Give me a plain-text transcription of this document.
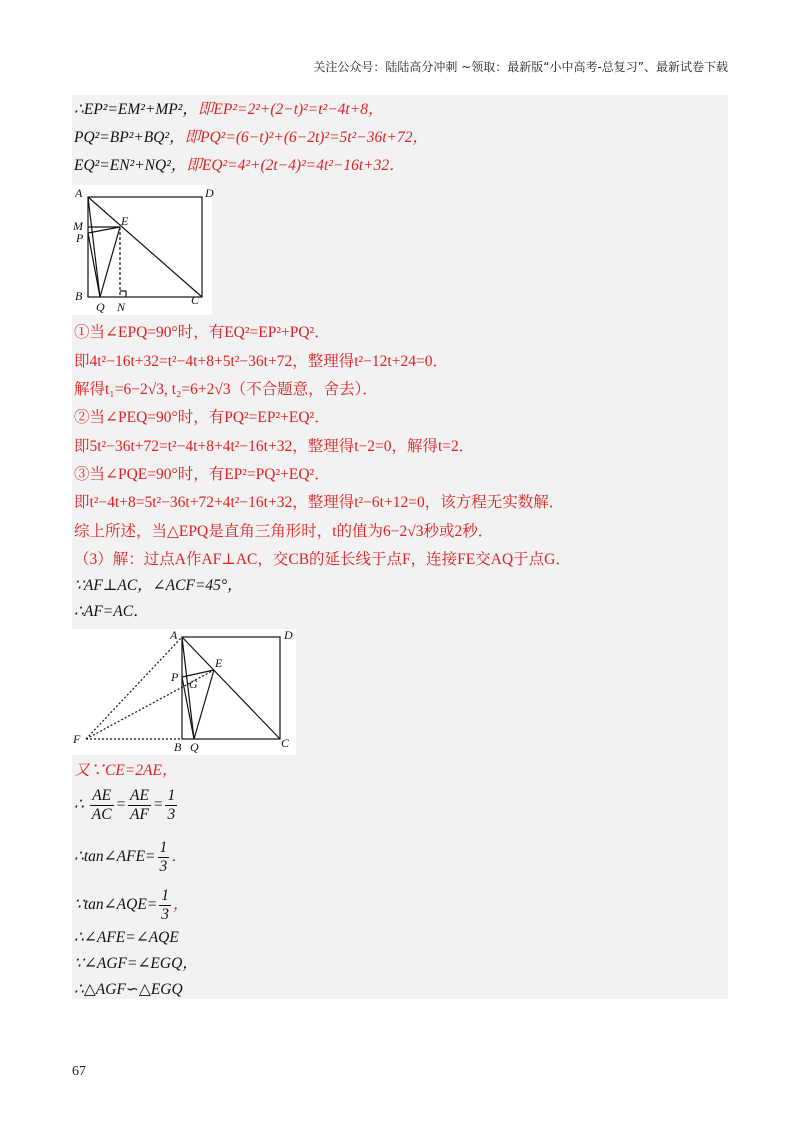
关注公众号：陆陆高分冲刺 ~领取：最新版“小中高考-总复习”、最新试卷下载
∴EP²=EM²+MP²，即EP²=2²+(2−t)²=t²−4t+8，
PQ²=BP²+BQ²，即PQ²=(6−t)²+(6−2t)²=5t²−36t+72，
EQ²=EN²+NQ²，即EQ²=4²+(2t−4)²=4t²−16t+32．
A	D
M	E
P
B
Q N	C
①当∠EPQ=90°时，有EQ²=EP²+PQ²．
即4t²−16t+32=t²−4t+8+5t²−36t+72，整理得t²−12t+24=0．
解得t₁=6−2√3, t₂=6+2√3（不合题意，舍去）．
②当∠PEQ=90°时，有PQ²=EP²+EQ²．
即5t²−36t+72=t²−4t+8+4t²−16t+32，整理得t−2=0，解得t=2．
③当∠PQE=90°时，有EP²=PQ²+EQ²．
即t²−4t+8=5t²−36t+72+4t²−16t+32，整理得t²−6t+12=0，该方程无实数解．
综上所述，当△EPQ是直角三角形时，t的值为6−2√3秒或2秒．
（3）解：过点A作AF⊥AC，交CB的延长线于点F，连接FE交AQ于点G．
∵AF⊥AC，∠ACF=45°，
∴AF=AC．
A	D
E
P G
F
B Q	C
又∵CE=2AE，
∴ $\frac{AE}{AC} = \frac{AE}{AF} = \frac{1}{3}$
∴tan∠AFE= $\frac{1}{3}$ ．
∵tan∠AQE= $\frac{1}{3}$ ，
∴∠AFE=∠AQE
∵∠AGF=∠EGQ，
∴△AGF∽△EGQ
67
